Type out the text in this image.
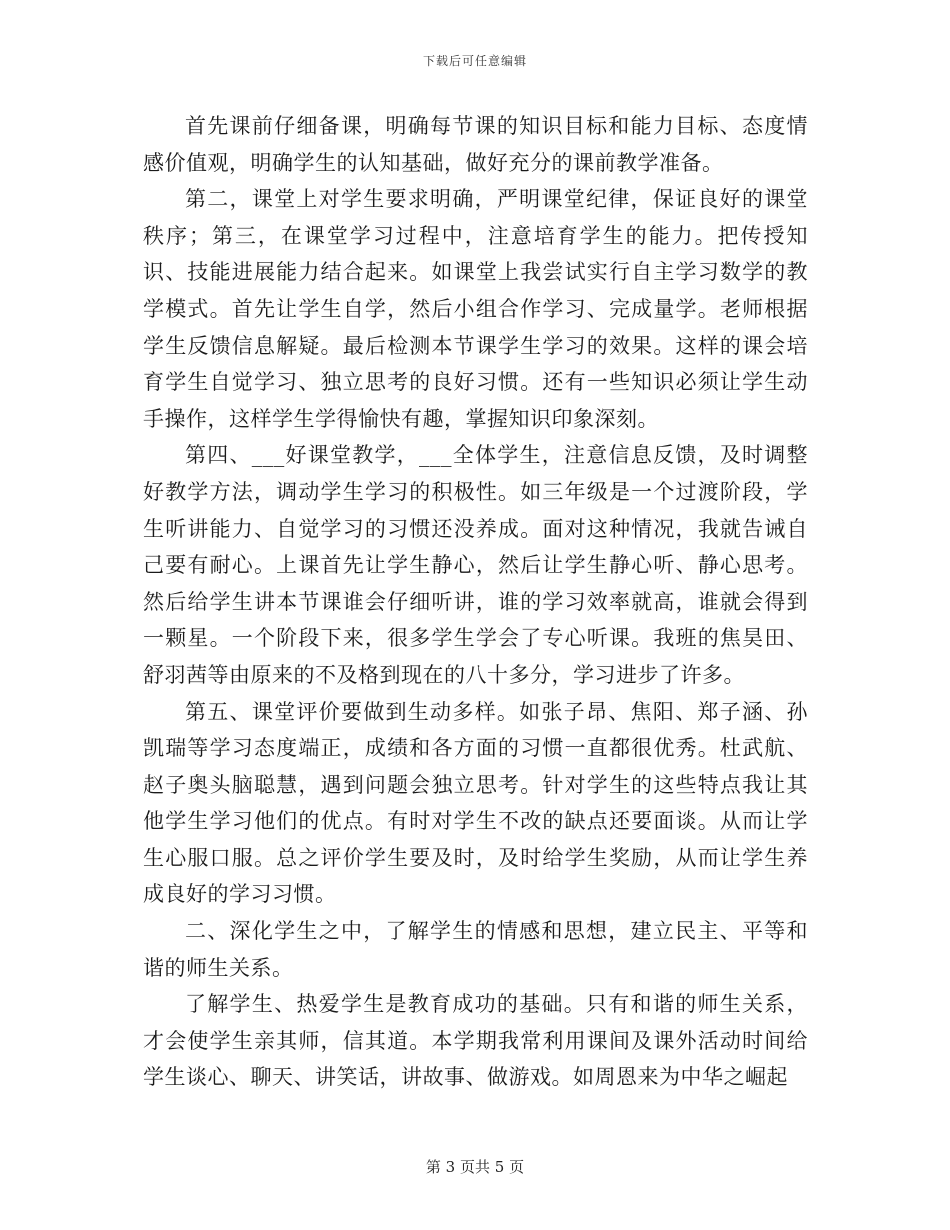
下载后可任意编辑

首先课前仔细备课，明确每节课的知识目标和能力目标、态度情感价值观，明确学生的认知基础，做好充分的课前教学准备。

第二，课堂上对学生要求明确，严明课堂纪律，保证良好的课堂秩序；第三，在课堂学习过程中，注意培育学生的能力。把传授知识、技能进展能力结合起来。如课堂上我尝试实行自主学习数学的教学模式。首先让学生自学，然后小组合作学习、完成量学。老师根据学生反馈信息解疑。最后检测本节课学生学习的效果。这样的课会培育学生自觉学习、独立思考的良好习惯。还有一些知识必须让学生动手操作，这样学生学得愉快有趣，掌握知识印象深刻。

第四、___好课堂教学，___全体学生，注意信息反馈，及时调整好教学方法，调动学生学习的积极性。如三年级是一个过渡阶段，学生听讲能力、自觉学习的习惯还没养成。面对这种情况，我就告诫自己要有耐心。上课首先让学生静心，然后让学生静心听、静心思考。然后给学生讲本节课谁会仔细听讲，谁的学习效率就高，谁就会得到一颗星。一个阶段下来，很多学生学会了专心听课。我班的焦昊田、舒羽茜等由原来的不及格到现在的八十多分，学习进步了许多。

第五、课堂评价要做到生动多样。如张子昂、焦阳、郑子涵、孙凯瑞等学习态度端正，成绩和各方面的习惯一直都很优秀。杜武航、赵子奥头脑聪慧，遇到问题会独立思考。针对学生的这些特点我让其他学生学习他们的优点。有时对学生不改的缺点还要面谈。从而让学生心服口服。总之评价学生要及时，及时给学生奖励，从而让学生养成良好的学习习惯。

二、深化学生之中，了解学生的情感和思想，建立民主、平等和谐的师生关系。

了解学生、热爱学生是教育成功的基础。只有和谐的师生关系，才会使学生亲其师，信其道。本学期我常利用课间及课外活动时间给学生谈心、聊天、讲笑话，讲故事、做游戏。如周恩来为中华之崛起

第 3 页共 5 页
